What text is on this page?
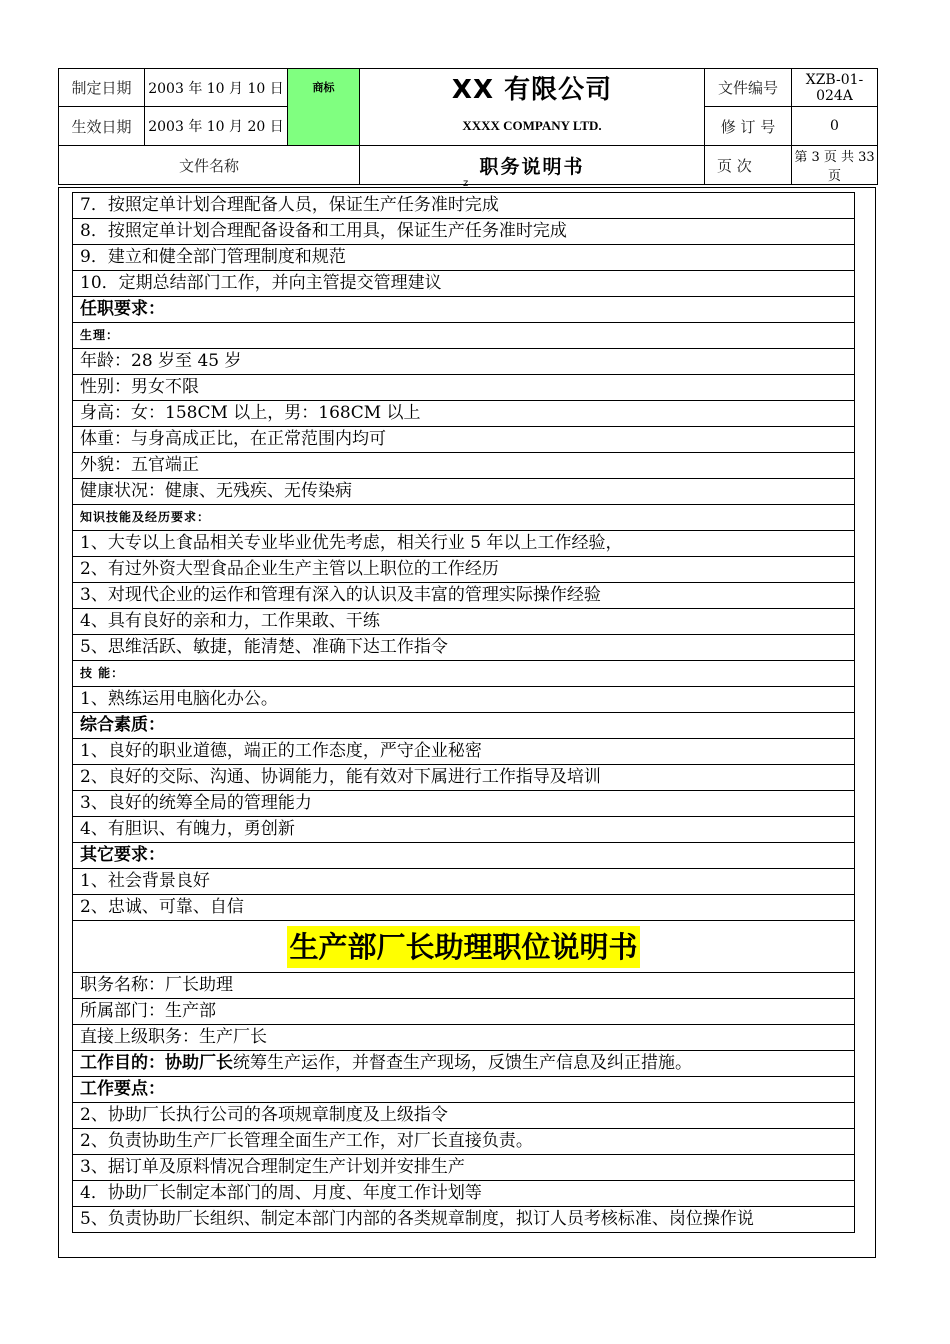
制定日期	2003 年 10 月 10 日	商标	XX 有限公司	文件编号	XZB-01-024A
生效日期	2003 年 10 月 20 日		XXXX COMPANY LTD.	修 订 号	0
文件名称			职务说明书	页 次	第 3 页 共 33 页
z
7．按照定单计划合理配备人员，保证生产任务准时完成
8．按照定单计划合理配备设备和工用具，保证生产任务准时完成
9．建立和健全部门管理制度和规范
10．定期总结部门工作，并向主管提交管理建议
任职要求：
生理：
年龄：28 岁至 45 岁
性别：男女不限
身高：女：158CM 以上，男：168CM 以上
体重：与身高成正比，在正常范围内均可
外貌：五官端正
健康状况：健康、无残疾、无传染病
知识技能及经历要求：
1、大专以上食品相关专业毕业优先考虑，相关行业 5 年以上工作经验，
2、有过外资大型食品企业生产主管以上职位的工作经历
3、对现代企业的运作和管理有深入的认识及丰富的管理实际操作经验
4、具有良好的亲和力，工作果敢、干练
5、思维活跃、敏捷，能清楚、准确下达工作指令
技 能：
1、熟练运用电脑化办公。
综合素质：
1、良好的职业道德，端正的工作态度，严守企业秘密
2、良好的交际、沟通、协调能力，能有效对下属进行工作指导及培训
3、良好的统筹全局的管理能力
4、有胆识、有魄力，勇创新
其它要求：
1、社会背景良好
2、忠诚、可靠、自信
生产部厂长助理职位说明书
职务名称：厂长助理
所属部门：生产部
直接上级职务：生产厂长
工作目的：协助厂长统筹生产运作，并督查生产现场，反馈生产信息及纠正措施。
工作要点：
2、协助厂长执行公司的各项规章制度及上级指令
2、负责协助生产厂长管理全面生产工作，对厂长直接负责。
3、据订单及原料情况合理制定生产计划并安排生产
4．协助厂长制定本部门的周、月度、年度工作计划等
5、负责协助厂长组织、制定本部门内部的各类规章制度，拟订人员考核标准、岗位操作说
